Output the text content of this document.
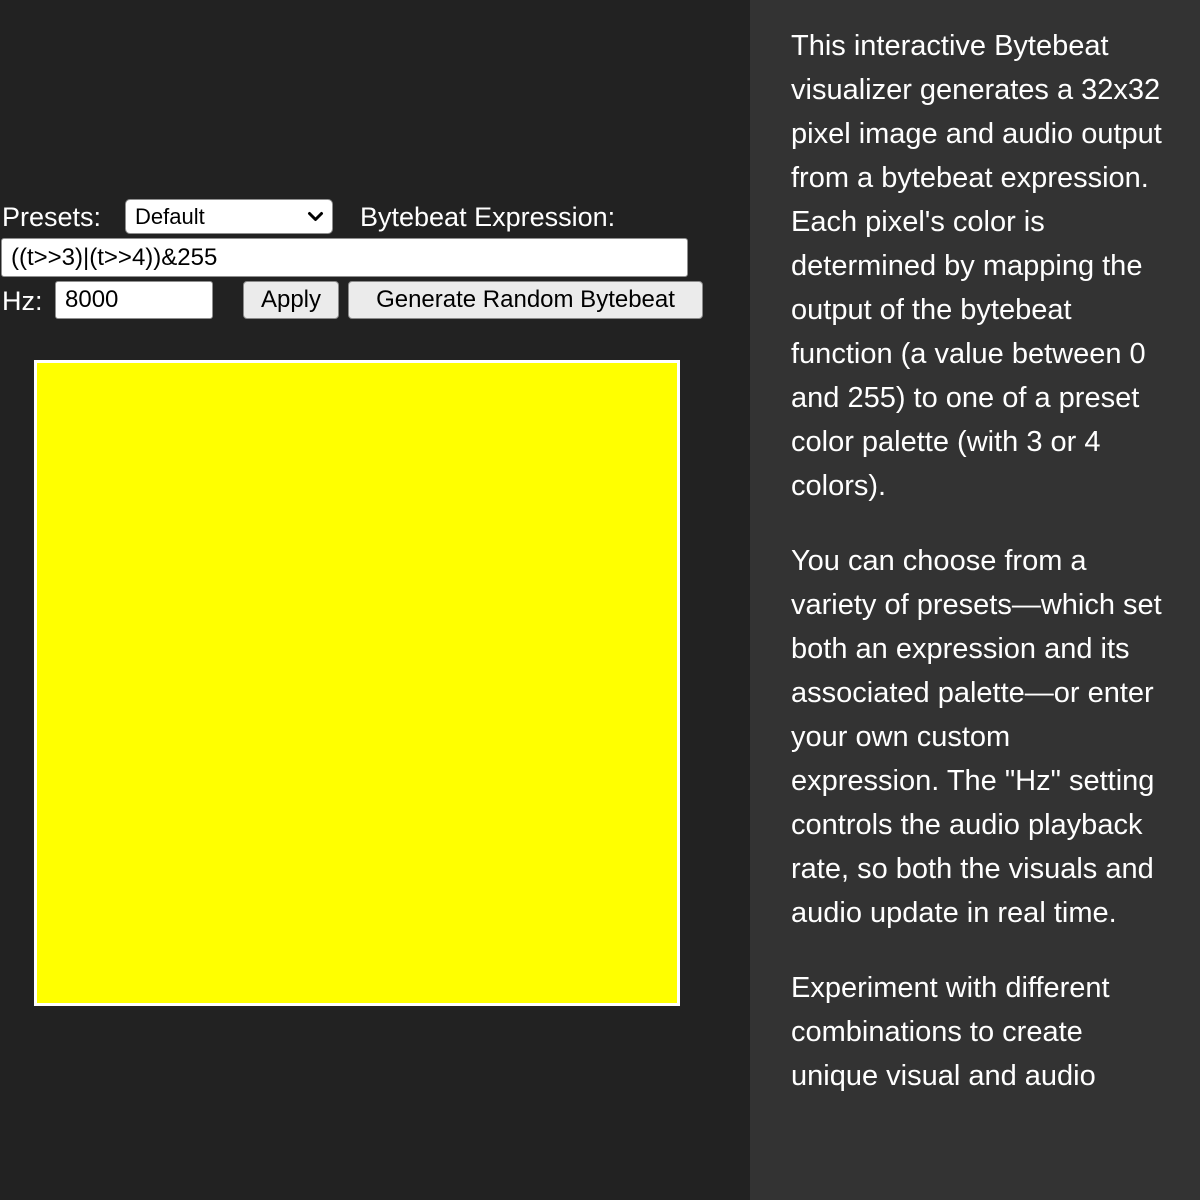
Presets:
Default	Bytebeat Expression:
((t>>3)|(t>>4))&255
Hz:
8000	Apply	Generate Random Bytebeat

This interactive Bytebeat visualizer generates a 32x32 pixel image and audio output from a bytebeat expression. Each pixel's color is determined by mapping the output of the bytebeat function (a value between 0 and 255) to one of a preset color palette (with 3 or 4 colors).

You can choose from a variety of presets—which set both an expression and its associated palette—or enter your own custom expression. The "Hz" setting controls the audio playback rate, so both the visuals and audio update in real time.

Experiment with different combinations to create unique visual and audio
